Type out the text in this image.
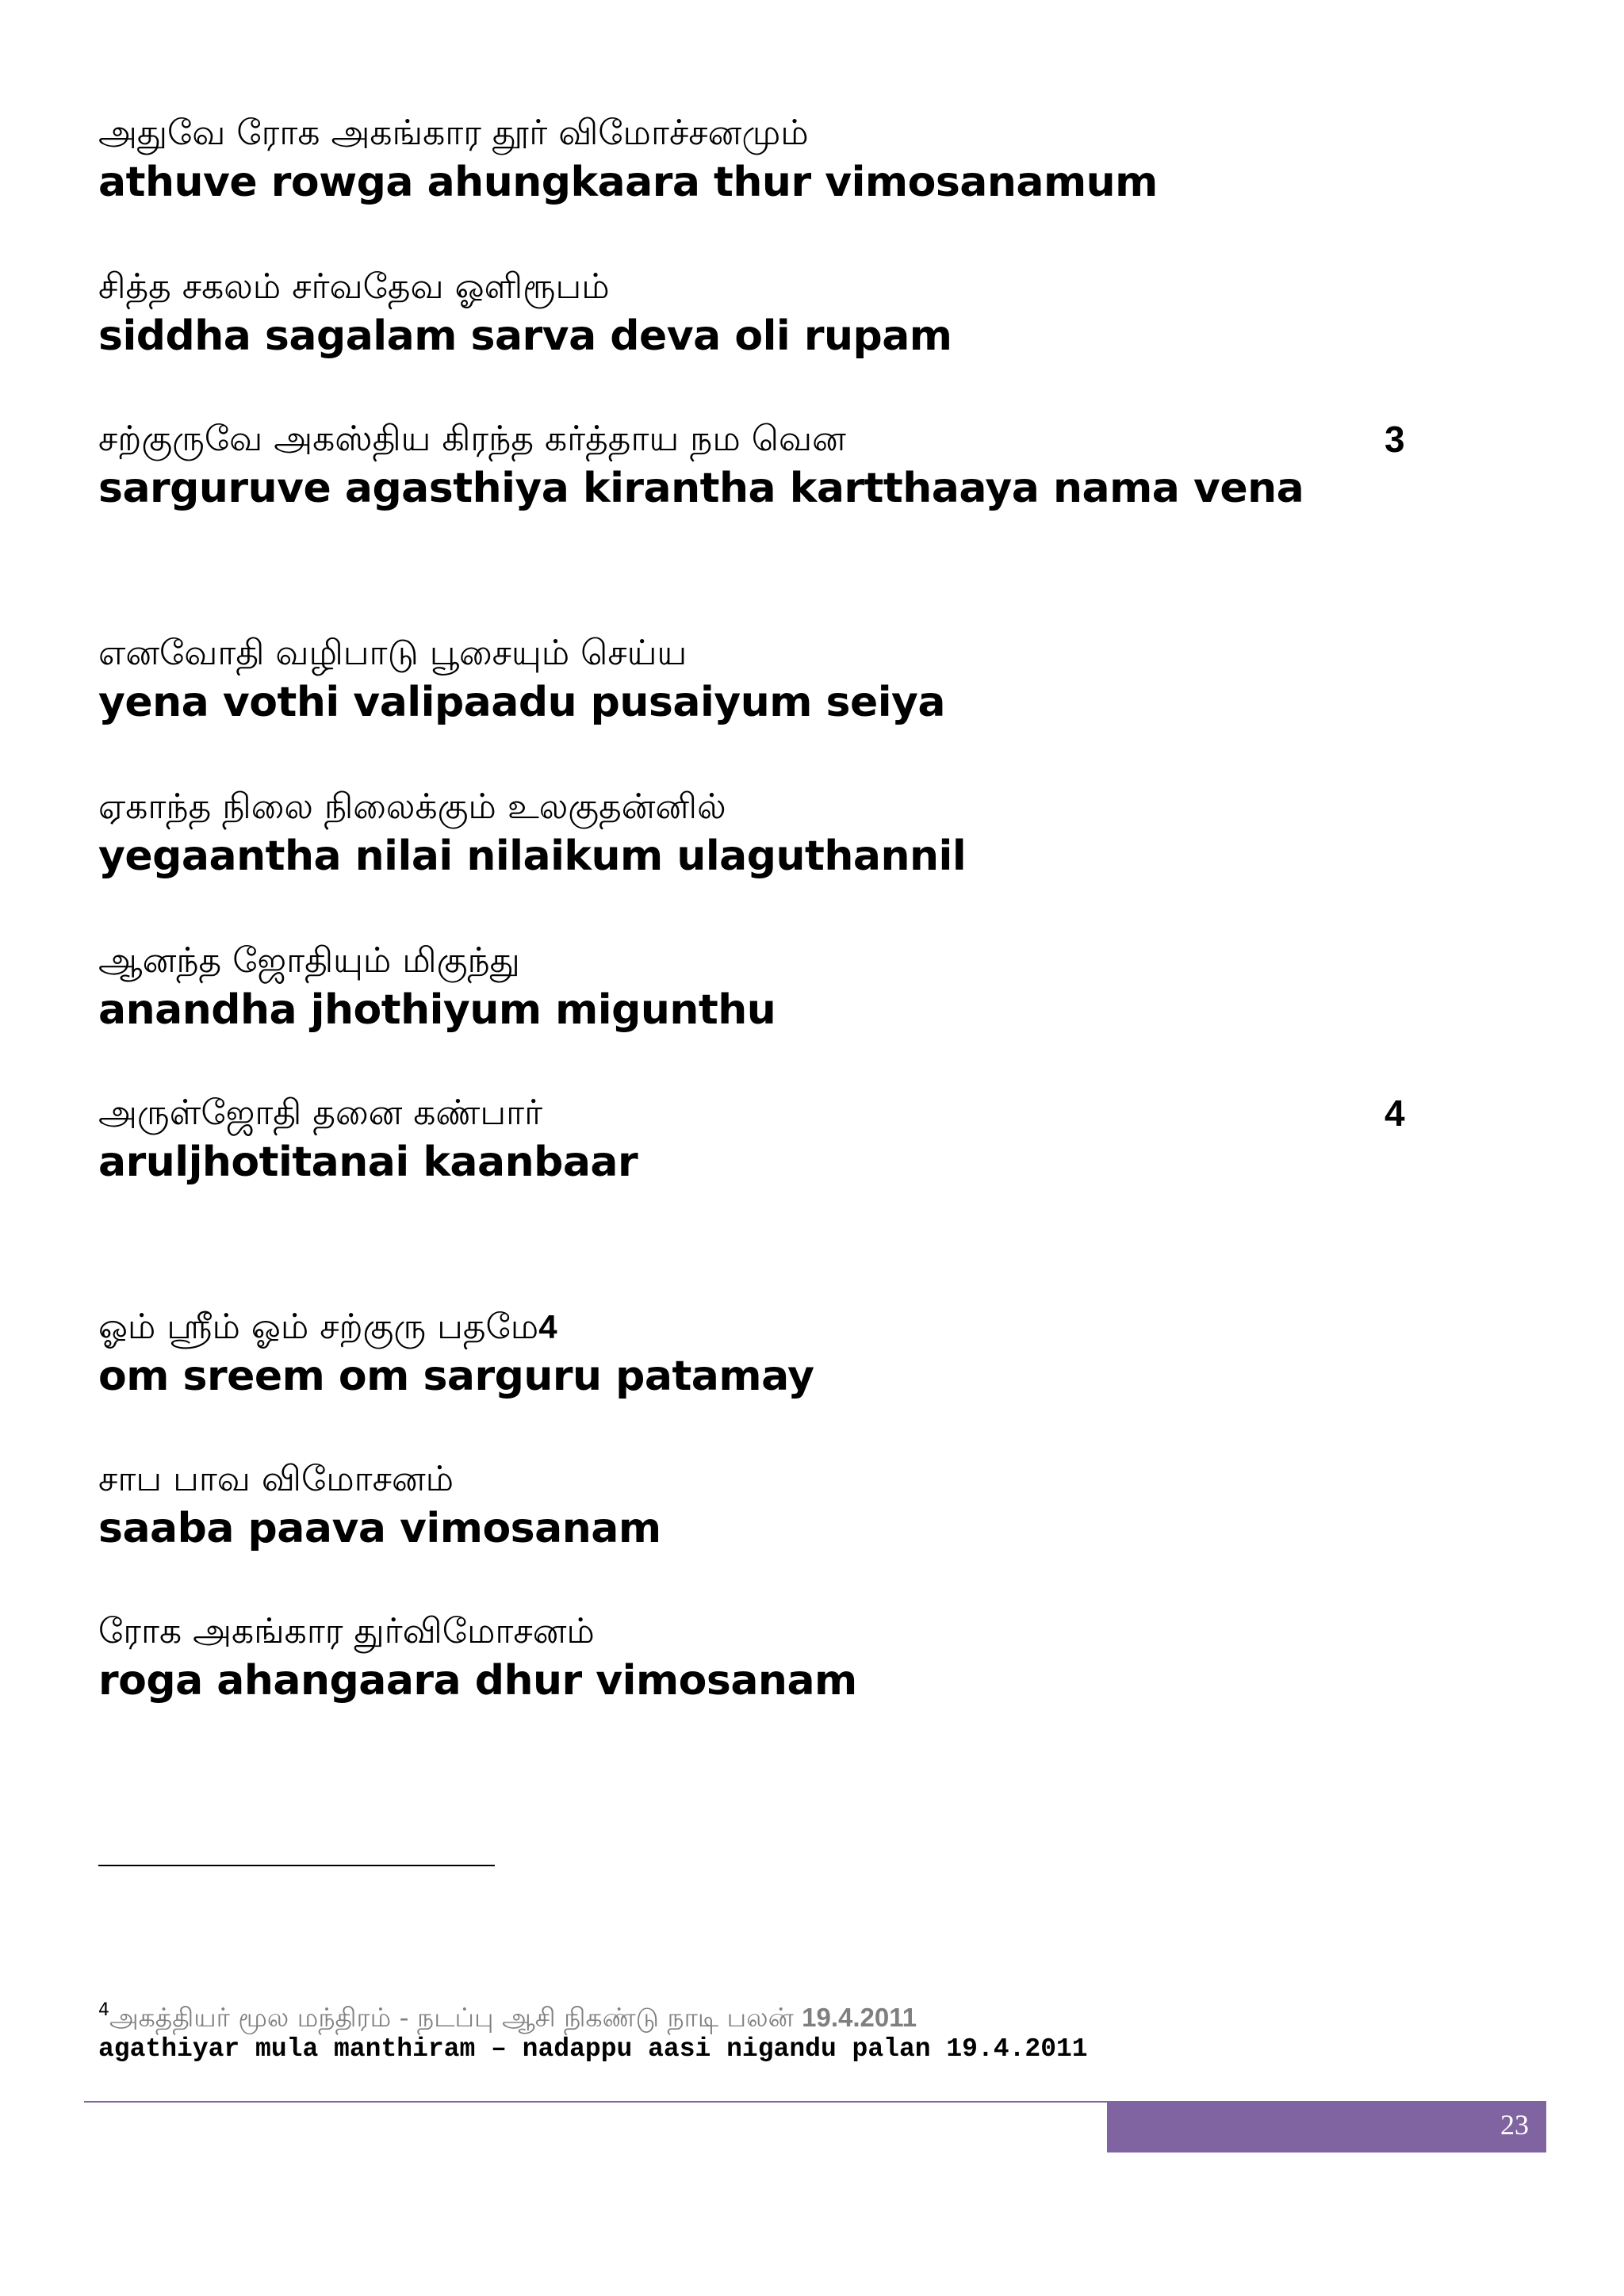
அதுவே ரோக அகங்கார தூர் விமோச்சனமும்
athuve rowga ahungkaara thur vimosanamum
சித்த சகலம் சர்வதேவ ஓளிரூபம்
siddha sagalam sarva deva oli rupam
சற்குருவே அகஸ்திய கிரந்த கர்த்தாய நம வென	3
sarguruve agasthiya kirantha kartthaaya nama vena
எனவோதி வழிபாடு பூசையும் செய்ய
yena vothi valipaadu pusaiyum seiya
ஏகாந்த நிலை நிலைக்கும் உலகுதன்னில்
yegaantha nilai nilaikum ulaguthannil
ஆனந்த ஜோதியும் மிகுந்து
anandha jhothiyum migunthu
அருள்ஜோதி தனை கண்பார்	4
aruljhotitanai kaanbaar
ஓம் ஸ்ரீம் ஓம் சற்குரு பதமே4
om sreem om sarguru patamay
சாப பாவ விமோசனம்
saaba paava vimosanam
ரோக அகங்கார துர்விமோசனம்
roga ahangaara dhur vimosanam
$^4$அகத்தியர் மூல மந்திரம் - நடப்பு ஆசி நிகண்டு நாடி பலன் 19.4.2011
agathiyar mula manthiram – nadappu aasi nigandu palan 19.4.2011
23
